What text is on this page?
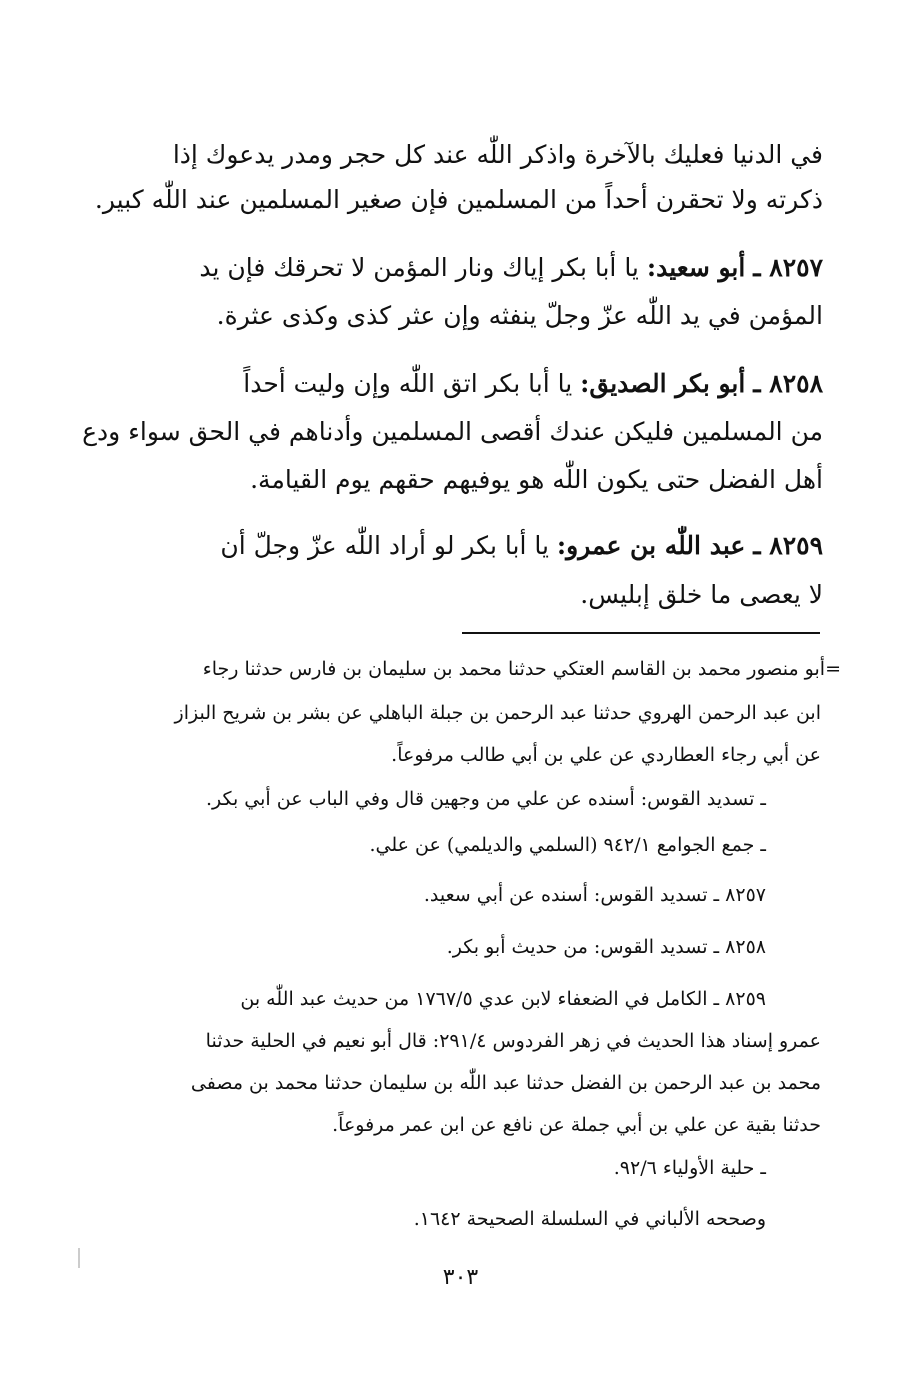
في الدنيا فعليك بالآخرة واذكر اللّٰه عند كل حجر ومدر يدعوك إذا
ذكرته ولا تحقرن أحداً من المسلمين فإن صغير المسلمين عند اللّٰه كبير.
٨٢٥٧ ـ أبو سعيد: يا أبا بكر إياك ونار المؤمن لا تحرقك فإن يد
المؤمن في يد اللّٰه عزّ وجلّ ينفثه وإن عثر كذى وكذى عثرة.
٨٢٥٨ ـ أبو بكر الصديق: يا أبا بكر اتق اللّٰه وإن وليت أحداً
من المسلمين فليكن عندك أقصى المسلمين وأدناهم في الحق سواء ودع
أهل الفضل حتى يكون اللّٰه هو يوفيهم حقهم يوم القيامة.
٨٢٥٩ ـ عبد اللّٰه بن عمرو: يا أبا بكر لو أراد اللّٰه عزّ وجلّ أن
لا يعصى ما خلق إبليس.
=أبو منصور محمد بن القاسم العتكي حدثنا محمد بن سليمان بن فارس حدثنا رجاء
ابن عبد الرحمن الهروي حدثنا عبد الرحمن بن جبلة الباهلي عن بشر بن شريح البزاز
عن أبي رجاء العطاردي عن علي بن أبي طالب مرفوعاً.
ـ تسديد القوس: أسنده عن علي من وجهين قال وفي الباب عن أبي بكر.
ـ جمع الجوامع ٩٤٢/١ (السلمي والديلمي) عن علي.
٨٢٥٧ ـ تسديد القوس: أسنده عن أبي سعيد.
٨٢٥٨ ـ تسديد القوس: من حديث أبو بكر.
٨٢٥٩ ـ الكامل في الضعفاء لابن عدي ١٧٦٧/٥ من حديث عبد اللّٰه بن
عمرو إسناد هذا الحديث في زهر الفردوس ٢٩١/٤: قال أبو نعيم في الحلية حدثنا
محمد بن عبد الرحمن بن الفضل حدثنا عبد اللّٰه بن سليمان حدثنا محمد بن مصفى
حدثنا بقية عن علي بن أبي جملة عن نافع عن ابن عمر مرفوعاً.
ـ حلية الأولياء ٩٢/٦.
وصححه الألباني في السلسلة الصحيحة ١٦٤٢.
٣٠٣
